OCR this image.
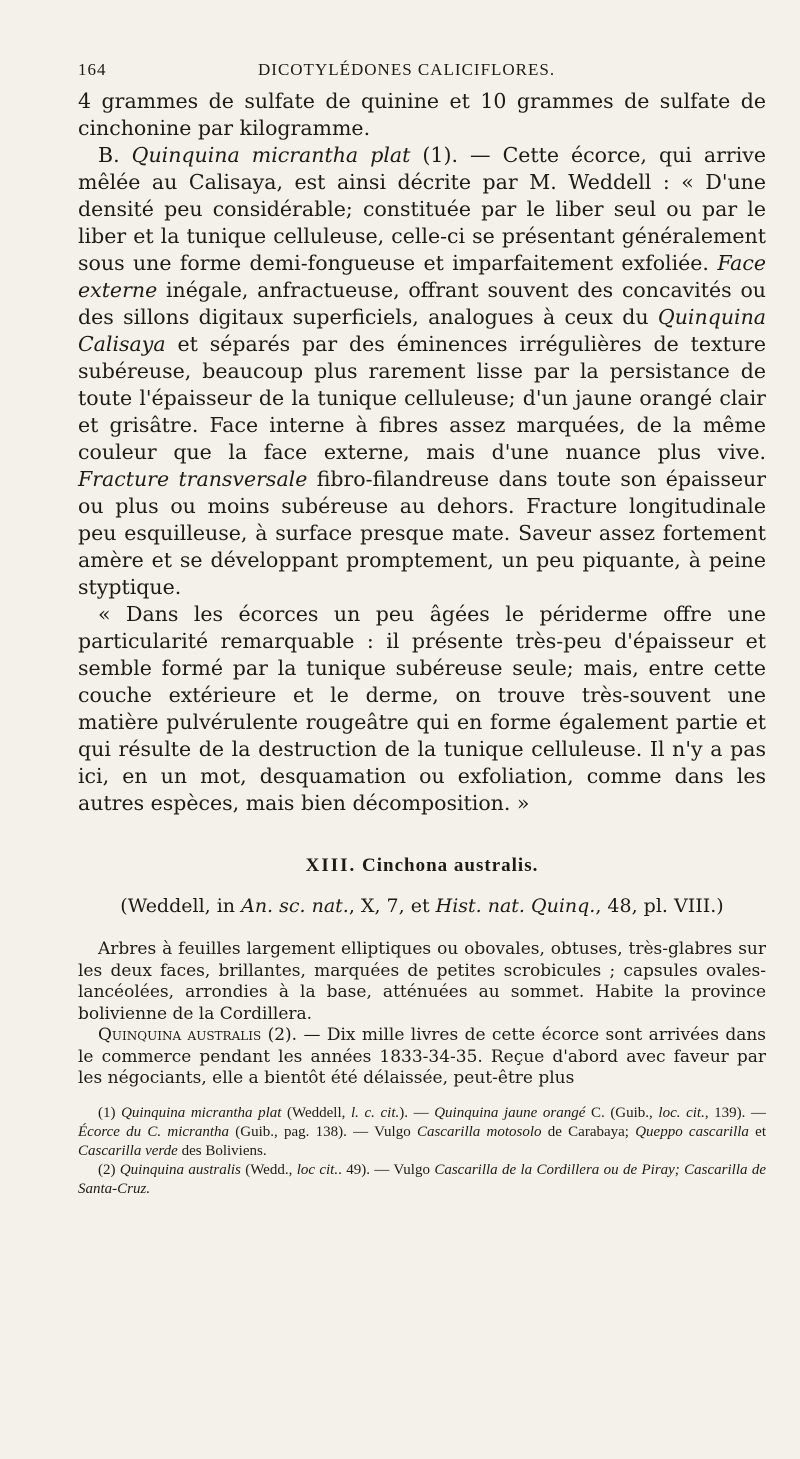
164	DICOTYLÉDONES CALICIFLORES.

4 grammes de sulfate de quinine et 10 grammes de sulfate de cinchonine par kilogramme.

B. Quinquina micrantha plat (1). — Cette écorce, qui arrive mêlée au Calisaya, est ainsi décrite par M. Weddell : « D'une densité peu considérable; constituée par le liber seul ou par le liber et la tunique celluleuse, celle-ci se présentant généralement sous une forme demi-fongueuse et imparfaitement exfoliée. Face externe inégale, anfractueuse, offrant souvent des concavités ou des sillons digitaux superficiels, analogues à ceux du Quinquina Calisaya et séparés par des éminences irrégulières de texture subéreuse, beaucoup plus rarement lisse par la persistance de toute l'épaisseur de la tunique celluleuse; d'un jaune orangé clair et grisâtre. Face interne à fibres assez marquées, de la même couleur que la face externe, mais d'une nuance plus vive. Fracture transversale fibro-filandreuse dans toute son épaisseur ou plus ou moins subéreuse au dehors. Fracture longitudinale peu esquilleuse, à surface presque mate. Saveur assez fortement amère et se développant promptement, un peu piquante, à peine styptique.

« Dans les écorces un peu âgées le périderme offre une particularité remarquable : il présente très-peu d'épaisseur et semble formé par la tunique subéreuse seule; mais, entre cette couche extérieure et le derme, on trouve très-souvent une matière pulvérulente rougeâtre qui en forme également partie et qui résulte de la destruction de la tunique celluleuse. Il n'y a pas ici, en un mot, desquamation ou exfoliation, comme dans les autres espèces, mais bien décomposition. »

XIII. Cinchona australis.
(Weddell, in An. sc. nat., X, 7, et Hist. nat. Quinq., 48, pl. VIII.)

Arbres à feuilles largement elliptiques ou obovales, obtuses, très-glabres sur les deux faces, brillantes, marquées de petites scrobicules ; capsules ovales-lancéolées, arrondies à la base, atténuées au sommet. Habite la province bolivienne de la Cordillera.

Quinquina australis (2). — Dix mille livres de cette écorce sont arrivées dans le commerce pendant les années 1833-34-35. Reçue d'abord avec faveur par les négociants, elle a bientôt été délaissée, peut-être plus

(1) Quinquina micrantha plat (Weddell, l. c. cit.). — Quinquina jaune orangé C. (Guib., loc. cit., 139). — Écorce du C. micrantha (Guib., pag. 138). — Vulgo Cascarilla motosolo de Carabaya; Queppo cascarilla et Cascarilla verde des Boliviens.

(2) Quinquina australis (Wedd., loc cit.. 49). — Vulgo Cascarilla de la Cordillera ou de Piray; Cascarilla de Santa-Cruz.
